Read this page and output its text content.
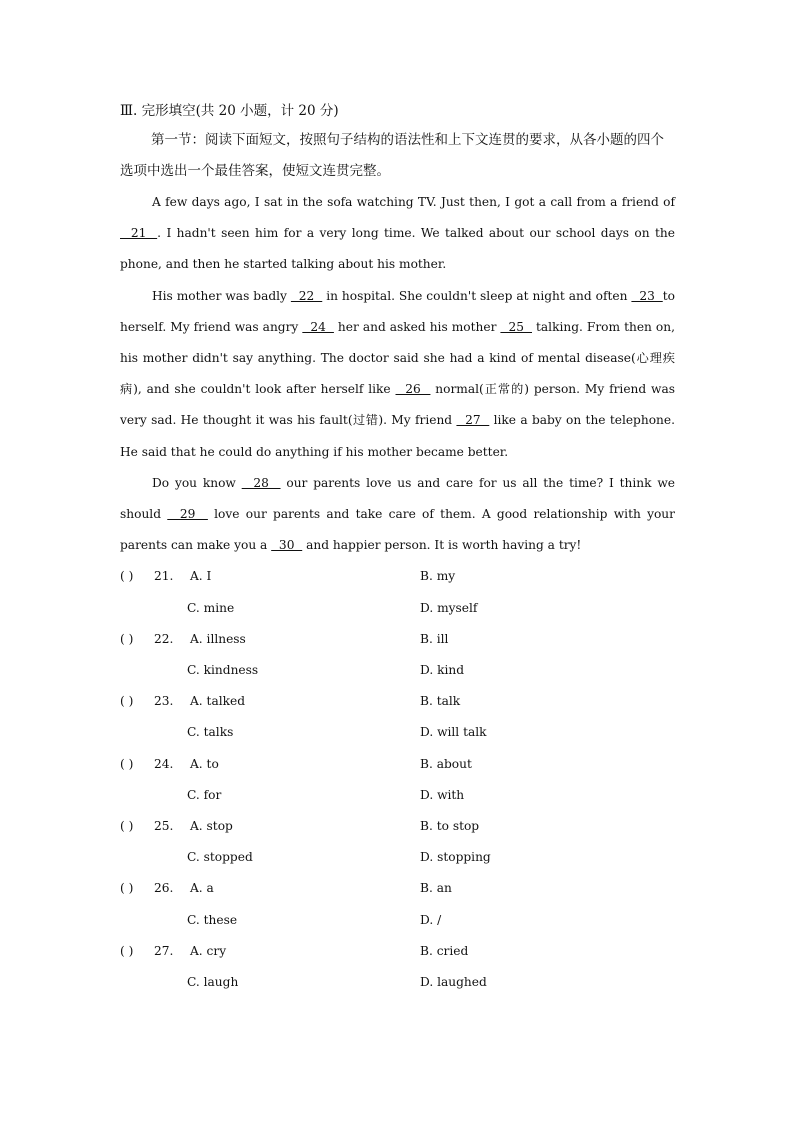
Ⅲ. 完形填空(共 20 小题，计 20 分)

第一节：阅读下面短文，按照句子结构的语法性和上下文连贯的要求，从各小题的四个选项中选出一个最佳答案，使短文连贯完整。

A few days ago, I sat in the sofa watching TV. Just then, I got a call from a friend of   21  . I hadn't seen him for a very long time. We talked about our school days on the phone, and then he started talking about his mother.

His mother was badly   22   in hospital. She couldn't sleep at night and often   23  to herself. My friend was angry   24   her and asked his mother   25   talking. From then on, his mother didn't say anything. The doctor said she had a kind of mental disease(心理疾病), and she couldn't look after herself like   26   normal(正常的) person. My friend was very sad. He thought it was his fault(过错). My friend   27   like a baby on the telephone. He said that he could do anything if his mother became better.

Do you know   28   our parents love us and care for us all the time? I think we should   29   love our parents and take care of them. A good relationship with your parents can make you a   30   and happier person. It is worth having a try!

( ) 21. A. I	B. my
C. mine	D. myself
( ) 22. A. illness	B. ill
C. kindness	D. kind
( ) 23. A. talked	B. talk
C. talks	D. will talk
( ) 24. A. to	B. about
C. for	D. with
( ) 25. A. stop	B. to stop
C. stopped	D. stopping
( ) 26. A. a	B. an
C. these	D. /
( ) 27. A. cry	B. cried
C. laugh	D. laughed
